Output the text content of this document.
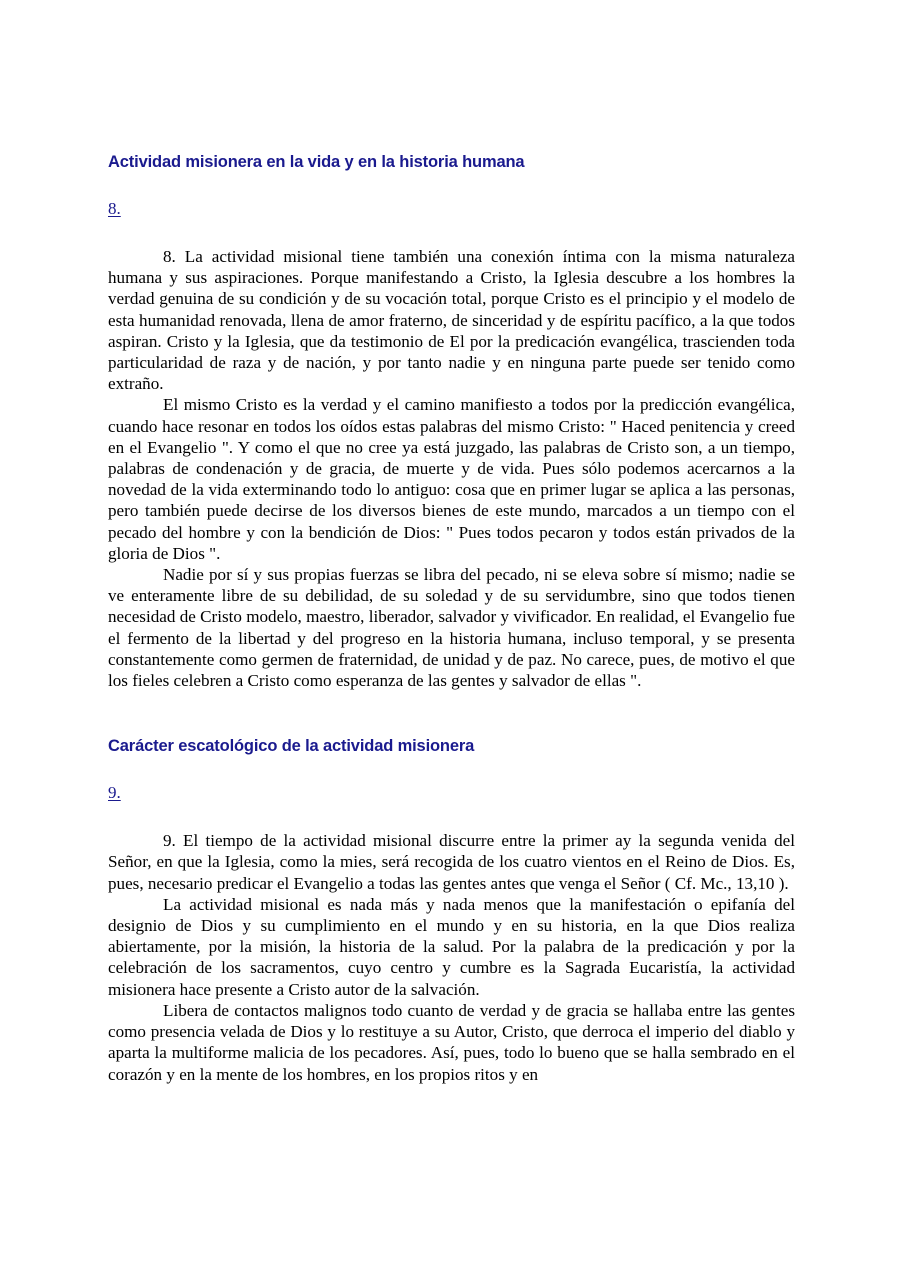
Actividad misionera en la vida y en la historia humana

8.

8. La actividad misional tiene también una conexión íntima con la misma naturaleza humana y sus aspiraciones. Porque manifestando a Cristo, la Iglesia descubre a los hombres la verdad genuina de su condición y de su vocación total, porque Cristo es el principio y el modelo de esta humanidad renovada, llena de amor fraterno, de sinceridad y de espíritu pacífico, a la que todos aspiran. Cristo y la Iglesia, que da testimonio de El por la predicación evangélica, trascienden toda particularidad de raza y de nación, y por tanto nadie y en ninguna parte puede ser tenido como extraño.

El mismo Cristo es la verdad y el camino manifiesto a todos por la predicción evangélica, cuando hace resonar en todos los oídos estas palabras del mismo Cristo: " Haced penitencia y creed en el Evangelio ". Y como el que no cree ya está juzgado, las palabras de Cristo son, a un tiempo, palabras de condenación y de gracia, de muerte y de vida. Pues sólo podemos acercarnos a la novedad de la vida exterminando todo lo antiguo: cosa que en primer lugar se aplica a las personas, pero también puede decirse de los diversos bienes de este mundo, marcados a un tiempo con el pecado del hombre y con la bendición de Dios: " Pues todos pecaron y todos están privados de la gloria de Dios ".

Nadie por sí y sus propias fuerzas se libra del pecado, ni se eleva sobre sí mismo; nadie se ve enteramente libre de su debilidad, de su soledad y de su servidumbre, sino que todos tienen necesidad de Cristo modelo, maestro, liberador, salvador y vivificador. En realidad, el Evangelio fue el fermento de la libertad y del progreso en la historia humana, incluso temporal, y se presenta constantemente como germen de fraternidad, de unidad y de paz. No carece, pues, de motivo el que los fieles celebren a Cristo como esperanza de las gentes y salvador de ellas ".

Carácter escatológico de la actividad misionera

9.

9. El tiempo de la actividad misional discurre entre la primer ay la segunda venida del Señor, en que la Iglesia, como la mies, será recogida de los cuatro vientos en el Reino de Dios. Es, pues, necesario predicar el Evangelio a todas las gentes antes que venga el Señor ( Cf. Mc., 13,10 ).

La actividad misional es nada más y nada menos que la manifestación o epifanía del designio de Dios y su cumplimiento en el mundo y en su historia, en la que Dios realiza abiertamente, por la misión, la historia de la salud. Por la palabra de la predicación y por la celebración de los sacramentos, cuyo centro y cumbre es la Sagrada Eucaristía, la actividad misionera hace presente a Cristo autor de la salvación.

Libera de contactos malignos todo cuanto de verdad y de gracia se hallaba entre las gentes como presencia velada de Dios y lo restituye a su Autor, Cristo, que derroca el imperio del diablo y aparta la multiforme malicia de los pecadores. Así, pues, todo lo bueno que se halla sembrado en el corazón y en la mente de los hombres, en los propios ritos y en
